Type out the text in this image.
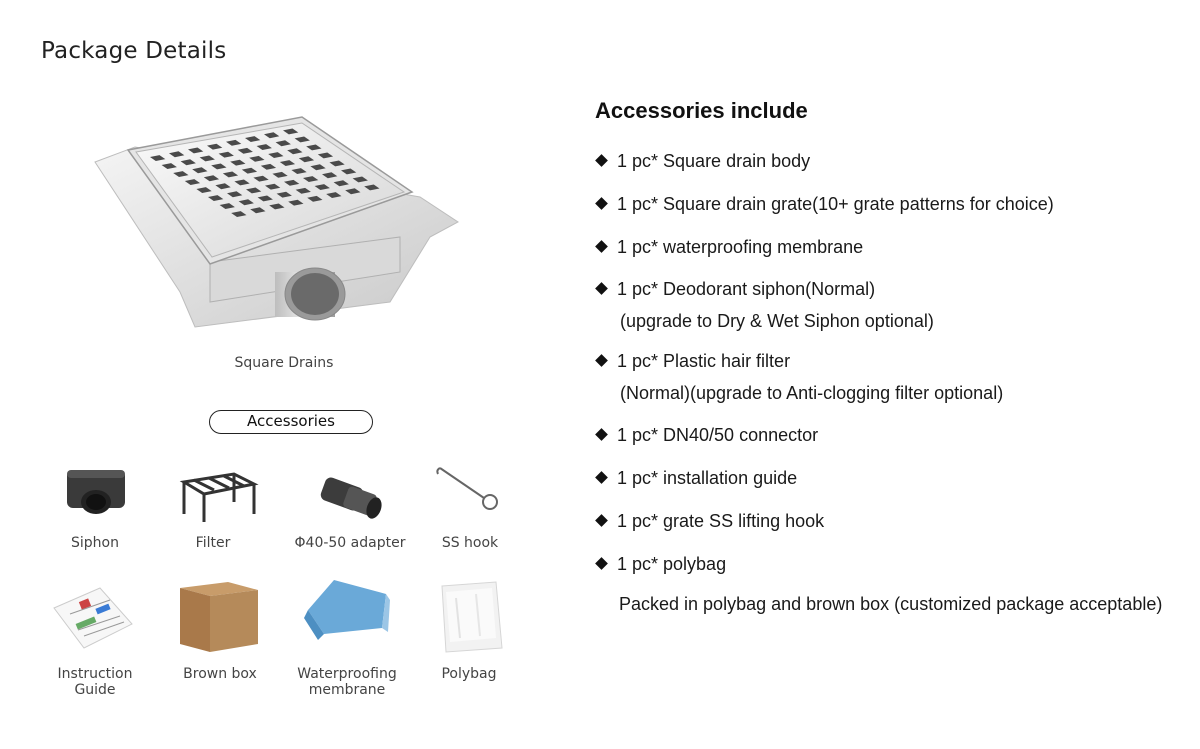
Package Details
Square Drains
Accessories
Siphon	Filter	Φ40-50 adapter	SS hook
Instruction
Guide
Brown box	Waterproofing
membrane
Polybag
Accessories include
1 pc* Square drain body
1 pc* Square drain grate(10+ grate patterns for choice)
1 pc* waterproofing membrane
1 pc* Deodorant siphon(Normal)
(upgrade to Dry & Wet Siphon optional)
1 pc* Plastic hair filter
(Normal)(upgrade to Anti-clogging filter optional)
1 pc* DN40/50 connector
1 pc* installation guide
1 pc* grate SS lifting hook
1 pc* polybag
Packed in polybag and brown box (customized package acceptable)
